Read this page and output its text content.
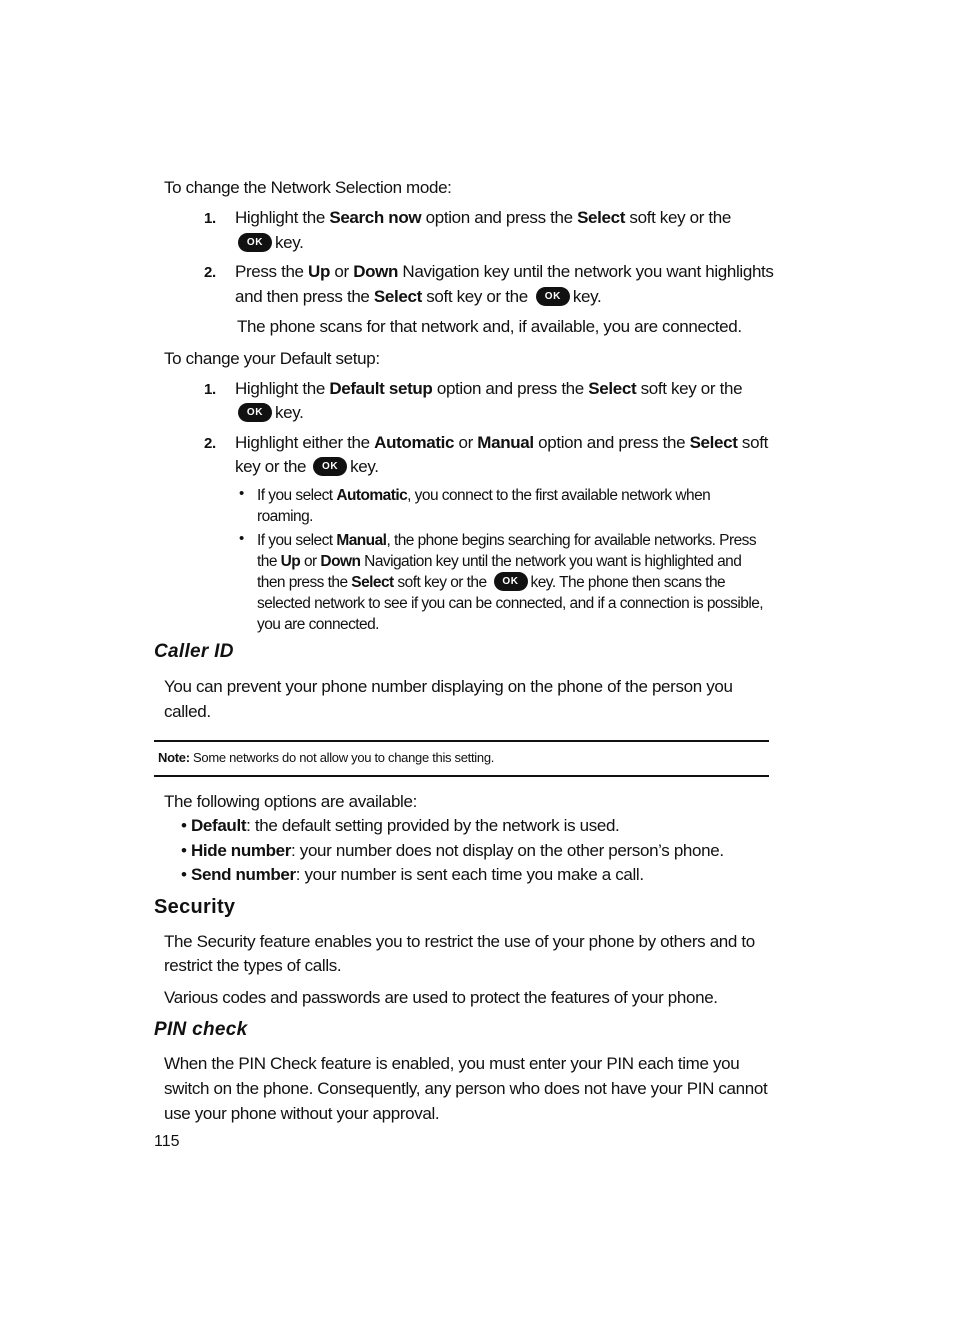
To change the Network Selection mode:
1. Highlight the Search now option and press the Select soft key or the
OK key.
2. Press the Up or Down Navigation key until the network you want highlights
and then press the Select soft key or the OK key.
The phone scans for that network and, if available, you are connected.
To change your Default setup:
1. Highlight the Default setup option and press the Select soft key or the
OK key.
2. Highlight either the Automatic or Manual option and press the Select soft
key or the OK key.
• If you select Automatic, you connect to the first available network when
roaming.
• If you select Manual, the phone begins searching for available networks. Press
the Up or Down Navigation key until the network you want is highlighted and
then press the Select soft key or the OK key. The phone then scans the
selected network to see if you can be connected, and if a connection is possible,
you are connected.
Caller ID
You can prevent your phone number displaying on the phone of the person you
called.
Note: Some networks do not allow you to change this setting.
The following options are available:
• Default: the default setting provided by the network is used.
• Hide number: your number does not display on the other person’s phone.
• Send number: your number is sent each time you make a call.
Security
The Security feature enables you to restrict the use of your phone by others and to
restrict the types of calls.
Various codes and passwords are used to protect the features of your phone.
PIN check
When the PIN Check feature is enabled, you must enter your PIN each time you
switch on the phone. Consequently, any person who does not have your PIN cannot
use your phone without your approval.
115
